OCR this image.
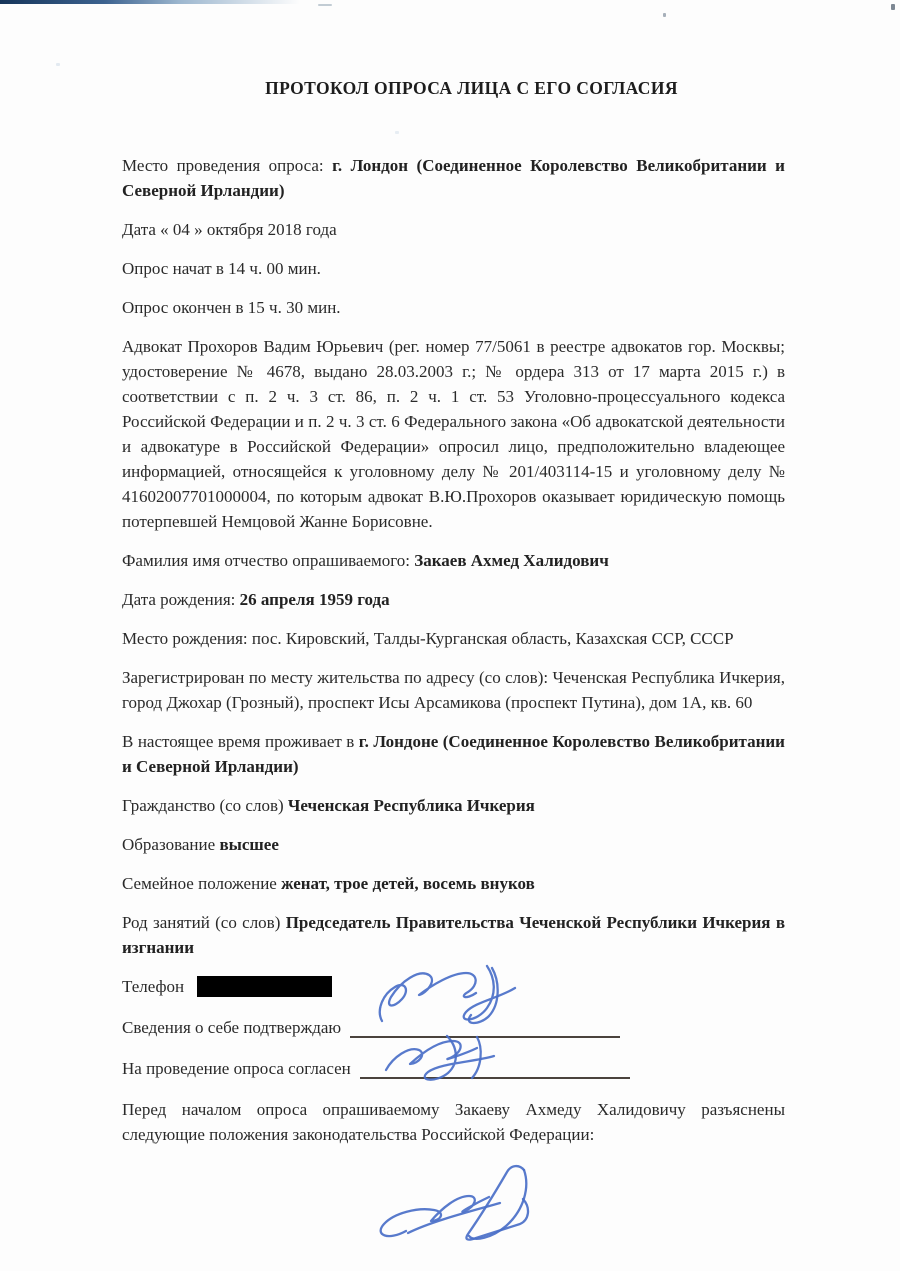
ПРОТОКОЛ ОПРОСА ЛИЦА С ЕГО СОГЛАСИЯ

Место проведения опроса: г. Лондон (Соединенное Королевство Великобритании и Северной Ирландии)

Дата « 04 » октября 2018 года

Опрос начат в 14 ч. 00 мин.

Опрос окончен в 15 ч. 30 мин.

Адвокат Прохоров Вадим Юрьевич (рег. номер 77/5061 в реестре адвокатов гор. Москвы; удостоверение № 4678, выдано 28.03.2003 г.; № ордера 313 от 17 марта 2015 г.) в соответствии с п. 2 ч. 3 ст. 86, п. 2 ч. 1 ст. 53 Уголовно-процессуального кодекса Российской Федерации и п. 2 ч. 3 ст. 6 Федерального закона «Об адвокатской деятельности и адвокатуре в Российской Федерации» опросил лицо, предположительно владеющее информацией, относящейся к уголовному делу № 201/403114-15 и уголовному делу № 41602007701000004, по которым адвокат В.Ю.Прохоров оказывает юридическую помощь потерпевшей Немцовой Жанне Борисовне.

Фамилия имя отчество опрашиваемого: Закаев Ахмед Халидович

Дата рождения: 26 апреля 1959 года

Место рождения: пос. Кировский, Талды-Курганская область, Казахская ССР, СССР

Зарегистрирован по месту жительства по адресу (со слов): Чеченская Республика Ичкерия, город Джохар (Грозный), проспект Исы Арсамикова (проспект Путина), дом 1А, кв. 60

В настоящее время проживает в г. Лондоне (Соединенное Королевство Великобритании и Северной Ирландии)

Гражданство (со слов) Чеченская Республика Ичкерия

Образование высшее

Семейное положение женат, трое детей, восемь внуков

Род занятий (со слов) Председатель Правительства Чеченской Республики Ичкерия в изгнании

Телефон
Сведения о себе подтверждаю
На проведение опроса согласен

Перед началом опроса опрашиваемому Закаеву Ахмеду Халидовичу разъяснены следующие положения законодательства Российской Федерации:
